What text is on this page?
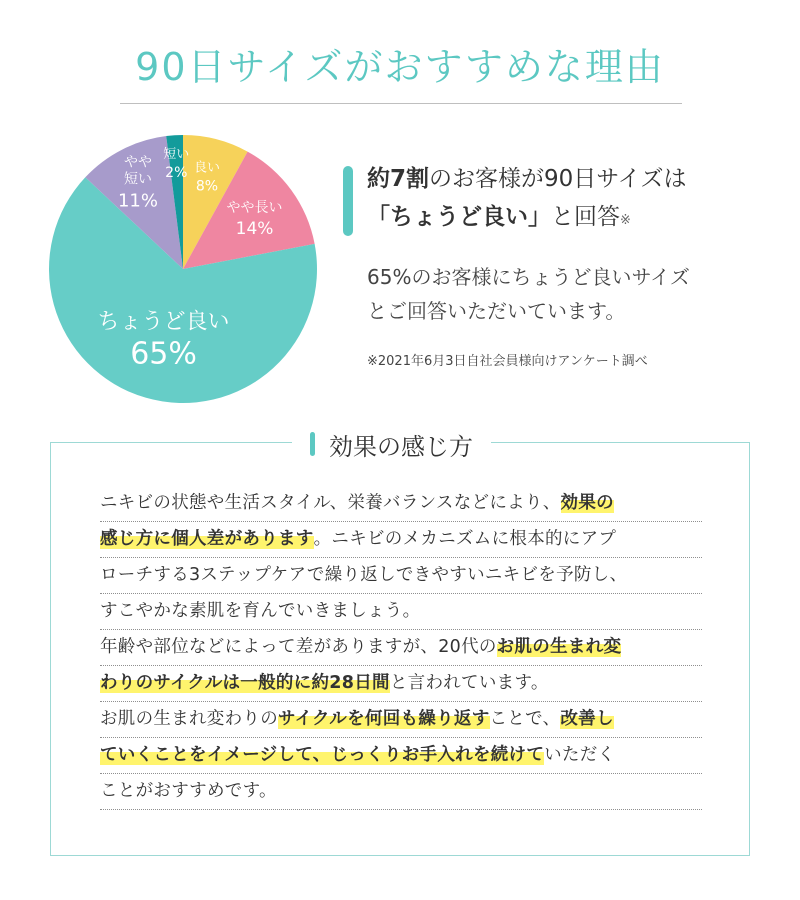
90日サイズがおすすめな理由
良い
8%
やや長い
14%
ちょうど良い
65%
やや
短い
11%
短い
2%	約7割のお客様が90日サイズは
「ちょうど良い」と回答※
65%のお客様にちょうど良いサイズ
とご回答いただいています。
※2021年6月3日自社会員様向けアンケート調べ
効果の感じ方
ニキビの状態や生活スタイル、栄養バランスなどにより、効果の
感じ方に個人差があります。ニキビのメカニズムに根本的にアプ
ローチする3ステップケアで繰り返しできやすいニキビを予防し、
すこやかな素肌を育んでいきましょう。
年齢や部位などによって差がありますが、20代のお肌の生まれ変
わりのサイクルは一般的に約28日間と言われています。
お肌の生まれ変わりのサイクルを何回も繰り返すことで、改善し
ていくことをイメージして、じっくりお手入れを続けていただく
ことがおすすめです。
